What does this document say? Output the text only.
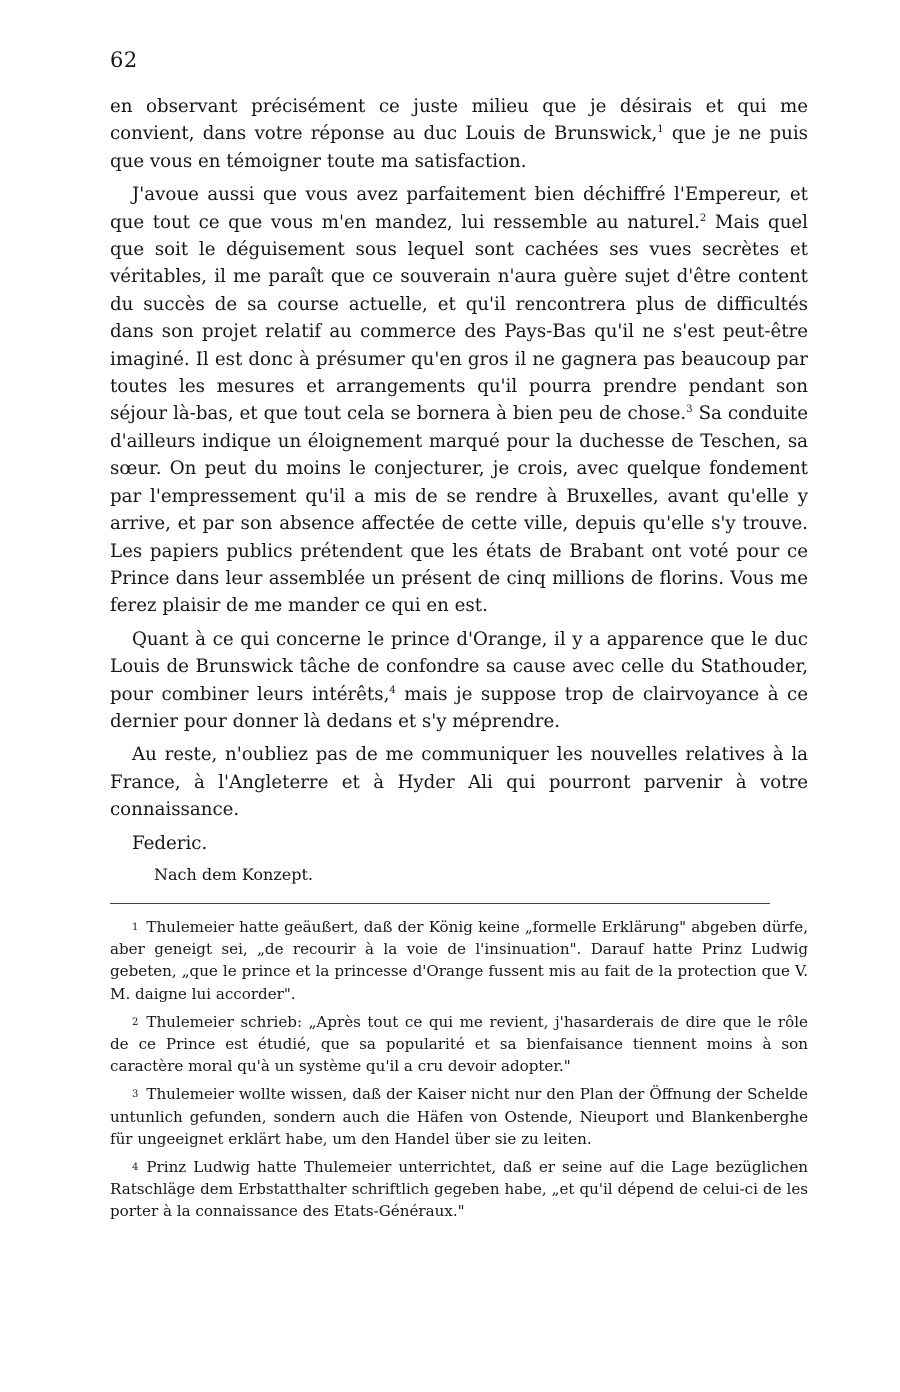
62

en observant précisément ce juste milieu que je désirais et qui me convient, dans votre réponse au duc Louis de Brunswick,$^1$ que je ne puis que vous en témoigner toute ma satisfaction.

J'avoue aussi que vous avez parfaitement bien déchiffré l'Empereur, et que tout ce que vous m'en mandez, lui ressemble au naturel.$^2$ Mais quel que soit le déguisement sous lequel sont cachées ses vues secrètes et véritables, il me paraît que ce souverain n'aura guère sujet d'être content du succès de sa course actuelle, et qu'il rencontrera plus de difficultés dans son projet relatif au commerce des Pays-Bas qu'il ne s'est peut-être imaginé. Il est donc à présumer qu'en gros il ne gagnera pas beaucoup par toutes les mesures et arrangements qu'il pourra prendre pendant son séjour là-bas, et que tout cela se bornera à bien peu de chose.$^3$ Sa conduite d'ailleurs indique un éloignement marqué pour la duchesse de Teschen, sa sœur. On peut du moins le conjecturer, je crois, avec quelque fondement par l'empressement qu'il a mis de se rendre à Bruxelles, avant qu'elle y arrive, et par son absence affectée de cette ville, depuis qu'elle s'y trouve. Les papiers publics prétendent que les états de Brabant ont voté pour ce Prince dans leur assemblée un présent de cinq millions de florins. Vous me ferez plaisir de me mander ce qui en est.

Quant à ce qui concerne le prince d'Orange, il y a apparence que le duc Louis de Brunswick tâche de confondre sa cause avec celle du Stathouder, pour combiner leurs intérêts,$^4$ mais je suppose trop de clairvoyance à ce dernier pour donner là dedans et s'y méprendre.

Au reste, n'oubliez pas de me communiquer les nouvelles relatives à la France, à l'Angleterre et à Hyder Ali qui pourront parvenir à votre connaissance.

Federic.

Nach dem Konzept.

$^1$ Thulemeier hatte geäußert, daß der König keine „formelle Erklärung" abgeben dürfe, aber geneigt sei, „de recourir à la voie de l'insinuation". Darauf hatte Prinz Ludwig gebeten, „que le prince et la princesse d'Orange fussent mis au fait de la protection que V. M. daigne lui accorder".

$^2$ Thulemeier schrieb: „Après tout ce qui me revient, j'hasarderais de dire que le rôle de ce Prince est étudié, que sa popularité et sa bienfaisance tiennent moins à son caractère moral qu'à un système qu'il a cru devoir adopter."

$^3$ Thulemeier wollte wissen, daß der Kaiser nicht nur den Plan der Öffnung der Schelde untunlich gefunden, sondern auch die Häfen von Ostende, Nieuport und Blankenberghe für ungeeignet erklärt habe, um den Handel über sie zu leiten.

$^4$ Prinz Ludwig hatte Thulemeier unterrichtet, daß er seine auf die Lage bezüglichen Ratschläge dem Erbstatthalter schriftlich gegeben habe, „et qu'il dépend de celui-ci de les porter à la connaissance des Etats-Généraux."
